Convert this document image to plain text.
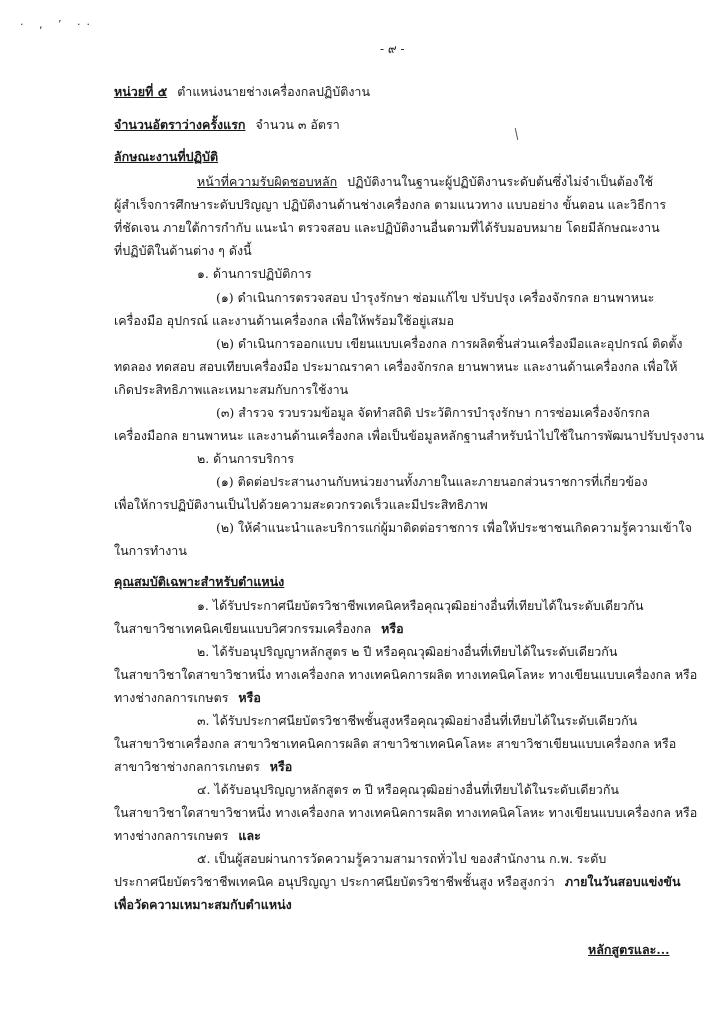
· ‚ ’ ··
- ๙ -
หน่วยที่ ๕ ตำแหน่งนายช่างเครื่องกลปฏิบัติงาน
จำนวนอัตราว่างครั้งแรก จำนวน ๓ อัตรา
ลักษณะงานที่ปฏิบัติ
หน้าที่ความรับผิดชอบหลัก ปฏิบัติงานในฐานะผู้ปฏิบัติงานระดับต้นซึ่งไม่จำเป็นต้องใช้
ผู้สำเร็จการศึกษาระดับปริญญา ปฏิบัติงานด้านช่างเครื่องกล ตามแนวทาง แบบอย่าง ขั้นตอน และวิธีการ
ที่ชัดเจน ภายใต้การกำกับ แนะนำ ตรวจสอบ และปฏิบัติงานอื่นตามที่ได้รับมอบหมาย โดยมีลักษณะงาน
ที่ปฏิบัติในด้านต่าง ๆ ดังนี้
๑. ด้านการปฏิบัติการ
(๑) ดำเนินการตรวจสอบ บำรุงรักษา ซ่อมแก้ไข ปรับปรุง เครื่องจักรกล ยานพาหนะ
เครื่องมือ อุปกรณ์ และงานด้านเครื่องกล เพื่อให้พร้อมใช้อยู่เสมอ
(๒) ดำเนินการออกแบบ เขียนแบบเครื่องกล การผลิตชิ้นส่วนเครื่องมือและอุปกรณ์ ติดตั้ง
ทดลอง ทดสอบ สอบเทียบเครื่องมือ ประมาณราคา เครื่องจักรกล ยานพาหนะ และงานด้านเครื่องกล เพื่อให้
เกิดประสิทธิภาพและเหมาะสมกับการใช้งาน
(๓) สำรวจ รวบรวมข้อมูล จัดทำสถิติ ประวัติการบำรุงรักษา การซ่อมเครื่องจักรกล
เครื่องมือกล ยานพาหนะ และงานด้านเครื่องกล เพื่อเป็นข้อมูลหลักฐานสำหรับนำไปใช้ในการพัฒนาปรับปรุงงาน
๒. ด้านการบริการ
(๑) ติดต่อประสานงานกับหน่วยงานทั้งภายในและภายนอกส่วนราชการที่เกี่ยวข้อง
เพื่อให้การปฏิบัติงานเป็นไปด้วยความสะดวกรวดเร็วและมีประสิทธิภาพ
(๒) ให้คำแนะนำและบริการแก่ผู้มาติดต่อราชการ เพื่อให้ประชาชนเกิดความรู้ความเข้าใจ
ในการทำงาน
คุณสมบัติเฉพาะสำหรับตำแหน่ง
๑. ได้รับประกาศนียบัตรวิชาชีพเทคนิคหรือคุณวุฒิอย่างอื่นที่เทียบได้ในระดับเดียวกัน
ในสาขาวิชาเทคนิคเขียนแบบวิศวกรรมเครื่องกล หรือ
๒. ได้รับอนุปริญญาหลักสูตร ๒ ปี หรือคุณวุฒิอย่างอื่นที่เทียบได้ในระดับเดียวกัน
ในสาขาวิชาใดสาขาวิชาหนึ่ง ทางเครื่องกล ทางเทคนิคการผลิต ทางเทคนิคโลหะ ทางเขียนแบบเครื่องกล หรือ
ทางช่างกลการเกษตร หรือ
๓. ได้รับประกาศนียบัตรวิชาชีพชั้นสูงหรือคุณวุฒิอย่างอื่นที่เทียบได้ในระดับเดียวกัน
ในสาขาวิชาเครื่องกล สาขาวิชาเทคนิคการผลิต สาขาวิชาเทคนิคโลหะ สาขาวิชาเขียนแบบเครื่องกล หรือ
สาขาวิชาช่างกลการเกษตร หรือ
๔. ได้รับอนุปริญญาหลักสูตร ๓ ปี หรือคุณวุฒิอย่างอื่นที่เทียบได้ในระดับเดียวกัน
ในสาขาวิชาใดสาขาวิชาหนึ่ง ทางเครื่องกล ทางเทคนิคการผลิต ทางเทคนิคโลหะ ทางเขียนแบบเครื่องกล หรือ
ทางช่างกลการเกษตร และ
๕. เป็นผู้สอบผ่านการวัดความรู้ความสามารถทั่วไป ของสำนักงาน ก.พ. ระดับ
ประกาศนียบัตรวิชาชีพเทคนิค อนุปริญญา ประกาศนียบัตรวิชาชีพชั้นสูง หรือสูงกว่า ภายในวันสอบแข่งขัน
เพื่อวัดความเหมาะสมกับตำแหน่ง
หลักสูตรและ...
